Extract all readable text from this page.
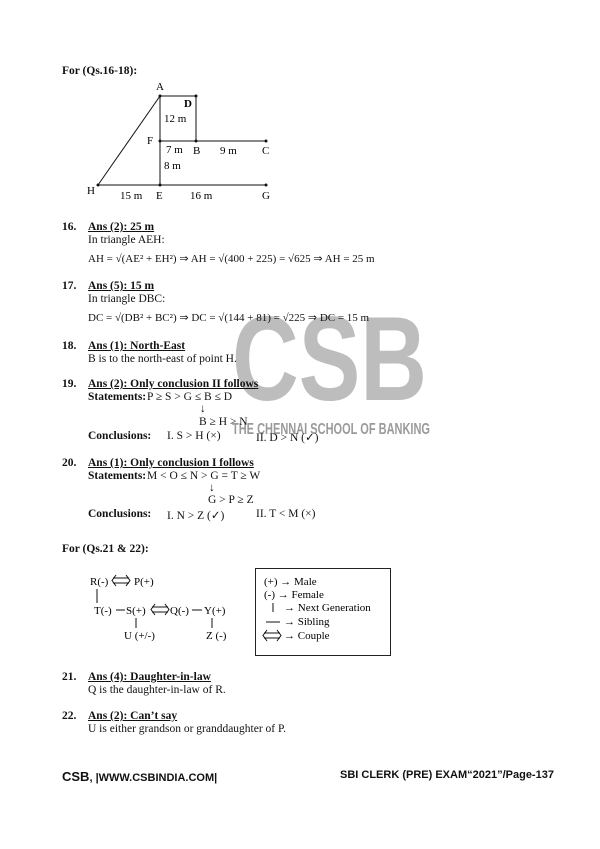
CSB
THE CHENNAI SCHOOL OF BANKING
For (Qs.16-18):
A
D
F
B	C
H	E	G
12 m
7 m	9 m
8 m
15 m	16 m
16. Ans (2): 25 m
In triangle AEH:
AH = √(AE² + EH²) ⇒ AH = √(400 + 225) = √625 ⇒ AH = 25 m
17. Ans (5): 15 m
In triangle DBC:
DC = √(DB² + BC²) ⇒ DC = √(144 + 81) = √225 ⇒ DC = 15 m
18. Ans (1): North-East
B is to the north-east of point H.
19. Ans (2): Only conclusion II follows
Statements: P ≥ S > G ≤ B ≤ D
↓
B ≥ H > N
Conclusions: I. S > H (×)	II. D > N (✓)
20. Ans (1): Only conclusion I follows
Statements: M < O ≤ N > G = T ≥ W
↓
G > P ≥ Z
Conclusions: I. N > Z (✓)	II. T < M (×)
For (Qs.21 & 22):
R(-) P(+)
T(-) S(+) Q(-) Y(+)
U (+/-)	Z (-)
(+) → Male
(-) → Female
→ Next Generation
→ Sibling
→ Couple
21. Ans (4): Daughter-in-law
Q is the daughter-in-law of R.
22. Ans (2): Can’t say
U is either grandson or granddaughter of P.
CSB, |WWW.CSBINDIA.COM|	SBI CLERK (PRE) EXAM“2021”/Page-137
